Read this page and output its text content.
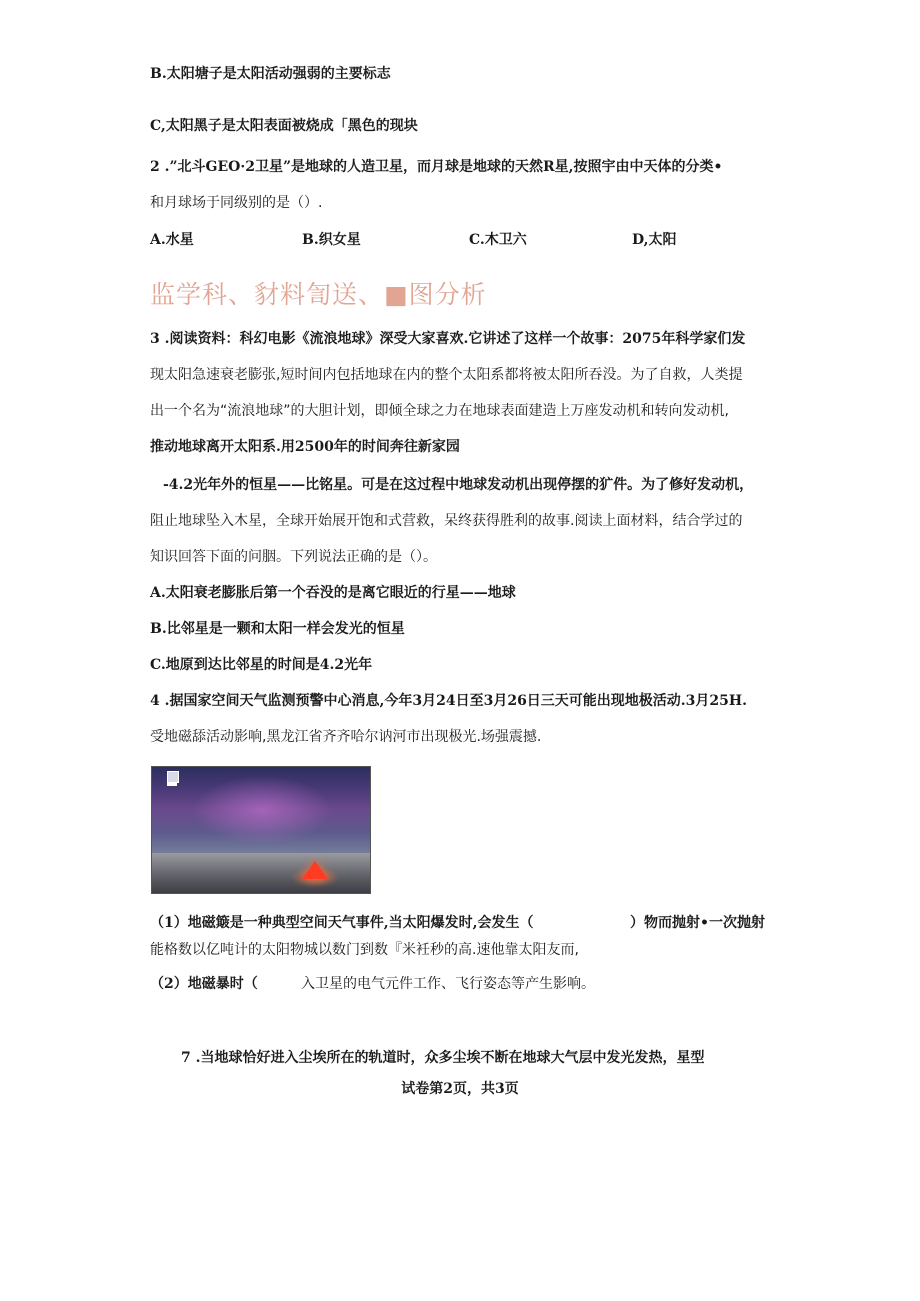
B.太阳塘子是太阳活动强弱的主要标志
C,太阳黑子是太阳表面被烧成「黑色的现块
2 .”北斗GEO·2卫星”是地球的人造卫星，而月球是地球的天然R星,按照宇由中天体的分类•
和月球场于同级别的是（）.
A.水星	B.织女星	C.木卫六	D,太阳
监学科、豺料訇送、■图分析
3 .阅读资料：科幻电影《流浪地球》深受大家喜欢.它讲述了这样一个故事：2075年科学家们发
现太阳急速衰老膨张,短时间内包括地球在内的整个太阳系都将被太阳所吞没。为了自救，人类提
出一个名为“流浪地球”的大胆计划，即倾全球之力在地球表面建造上万座发动机和转向发动机,
推动地球离开太阳系.用2500年的时间奔往新家园
-4.2光年外的恒星——比铭星。可是在这过程中地球发动机出现停摆的犷件。为了修好发动机，
阻止地球坠入木星，全球开始展开饱和式营救，呆终获得胜利的故事.阅读上面材料，结合学过的
知识回答下面的问胭。下列说法正确的是（）。
A.太阳衰老膨胀后第一个吞没的是离它眼近的行星——地球
B.比邻星是一颗和太阳一样会发光的恒星
C.地原到达比邻星的时间是4.2光年
4 .据国家空间天气监测预警中心消息,今年3月24日至3月26日三天可能出现地极活动.3月25H.
受地磁舔活动影响,黑龙江省齐齐哈尔讷河市出现极光.场强震撼.
（1）地磁簸是一种典型空间天气事件,当太阳爆发时,会发生（	）物而抛射•一次抛射
能格数以亿吨计的太阳物城以数门到数『米衽秒的高.速他靠太阳友而,
（2）地磁暴时（	入卫星的电气元件工作、飞行姿态等产生影响。
7 .当地球恰好进入尘埃所在的轨道时，众多尘埃不断在地球大气层中发光发热，星型
试卷第2页，共3页
